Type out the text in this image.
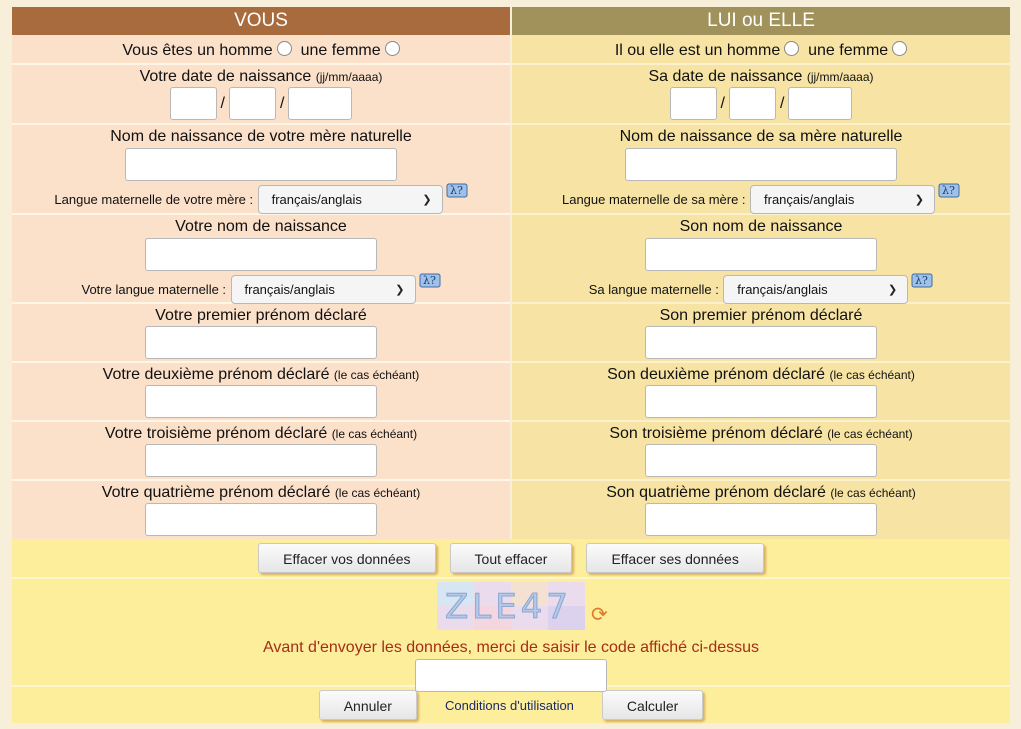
VOUS
Vous êtes un homme une femme
Votre date de naissance (jj/mm/aaaa)
/	/
Nom de naissance de votre mère naturelle
Langue maternelle de votre mère : français/anglais	❯
λ?
Votre nom de naissance
Votre langue maternelle : français/anglais	❯
λ?
Votre premier prénom déclaré
Votre deuxième prénom déclaré (le cas échéant)
Votre troisième prénom déclaré (le cas échéant)
Votre quatrième prénom déclaré (le cas échéant)
LUI ou ELLE
Il ou elle est un homme une femme
Sa date de naissance (jj/mm/aaaa)
/	/
Nom de naissance de sa mère naturelle
Langue maternelle de sa mère : français/anglais	❯
λ?
Son nom de naissance
Sa langue maternelle : français/anglais	❯
λ?
Son premier prénom déclaré
Son deuxième prénom déclaré (le cas échéant)
Son troisième prénom déclaré (le cas échéant)
Son quatrième prénom déclaré (le cas échéant)
Effacer vos données	Tout effacer	Effacer ses données
ZLE47 ⟳
Avant d'envoyer les données, merci de saisir le code affiché ci-dessus
Annuler	Conditions d'utilisation	Calculer
